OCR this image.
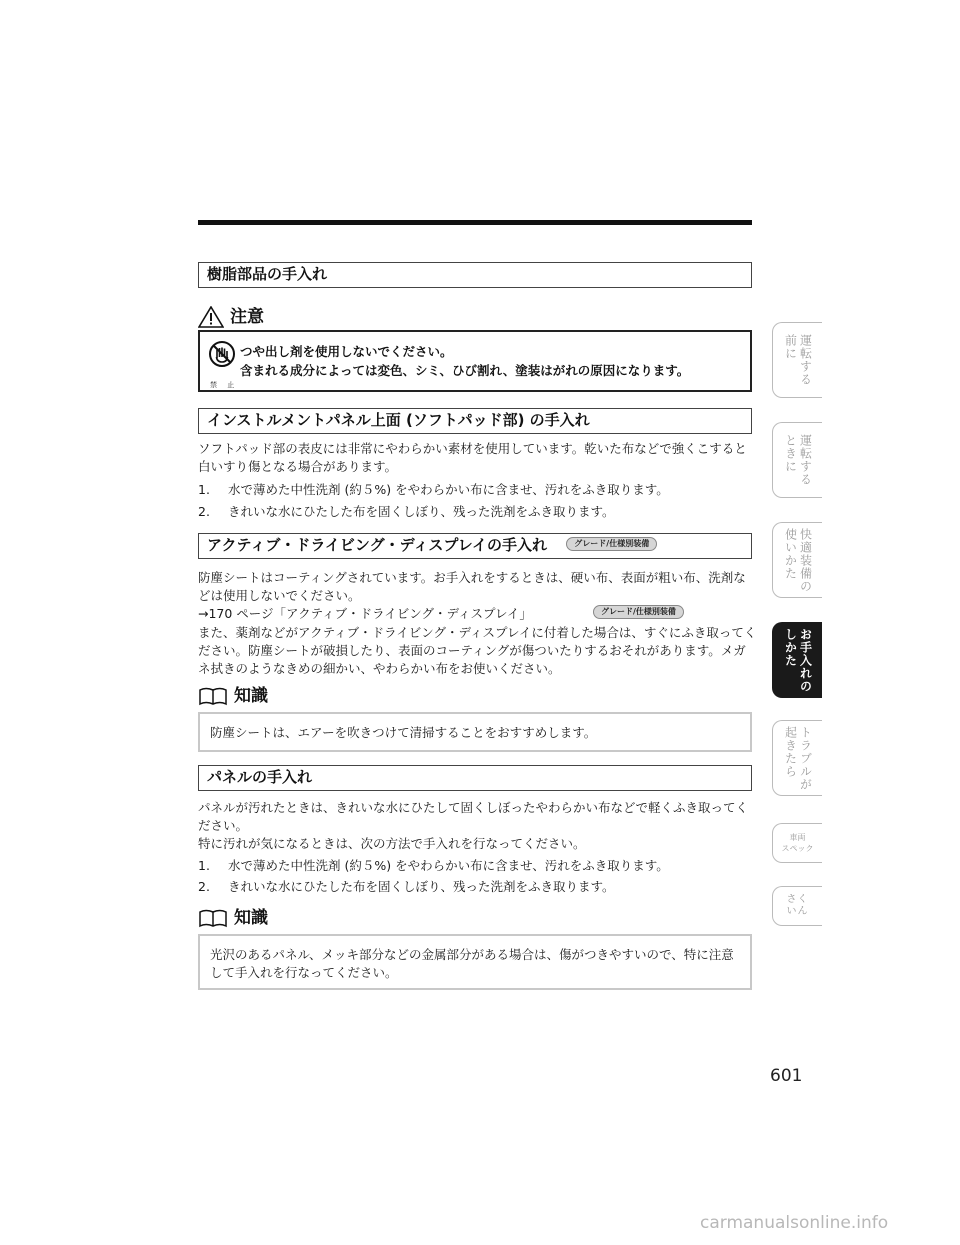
樹脂部品の手入れ
注意
禁 止
つや出し剤を使用しないでください。
含まれる成分によっては変色、シミ、ひび割れ、塗装はがれの原因になります。
インストルメントパネル上面 (ソフトパッド部) の手入れ
ソフトパッド部の表皮には非常にやわらかい素材を使用しています。乾いた布などで強くこすると白いすり傷となる場合があります。
1. 水で薄めた中性洗剤 (約５%) をやわらかい布に含ませ、汚れをふき取ります。
2. きれいな水にひたした布を固くしぼり、残った洗剤をふき取ります。
アクティブ・ドライビング・ディスプレイの手入れ	グレード/仕様別装備
防塵シートはコーティングされています。お手入れをするときは、硬い布、表面が粗い布、洗剤などは使用しないでください。
→170 ページ「アクティブ・ドライビング・ディスプレイ」	グレード/仕様別装備
また、薬剤などがアクティブ・ドライビング・ディスプレイに付着した場合は、すぐにふき取ってください。防塵シートが破損したり、表面のコーティングが傷ついたりするおそれがあります。メガネ拭きのようなきめの細かい、やわらかい布をお使いください。
知識
防塵シートは、エアーを吹きつけて清掃することをおすすめします。
パネルの手入れ
パネルが汚れたときは、きれいな水にひたして固くしぼったやわらかい布などで軽くふき取ってください。
特に汚れが気になるときは、次の方法で手入れを行なってください。
1. 水で薄めた中性洗剤 (約５%) をやわらかい布に含ませ、汚れをふき取ります。
2. きれいな水にひたした布を固くしぼり、残った洗剤をふき取ります。
知識
光沢のあるパネル、メッキ部分などの金属部分がある場合は、傷がつきやすいので、特に注意して手入れを行なってください。
運転する
前に
運転する
ときに
快適装備の
使いかた
お手入れの
しかた
トラブルが
起きたら
車両
スペック
さく
いん
601
carmanualsonline.info
